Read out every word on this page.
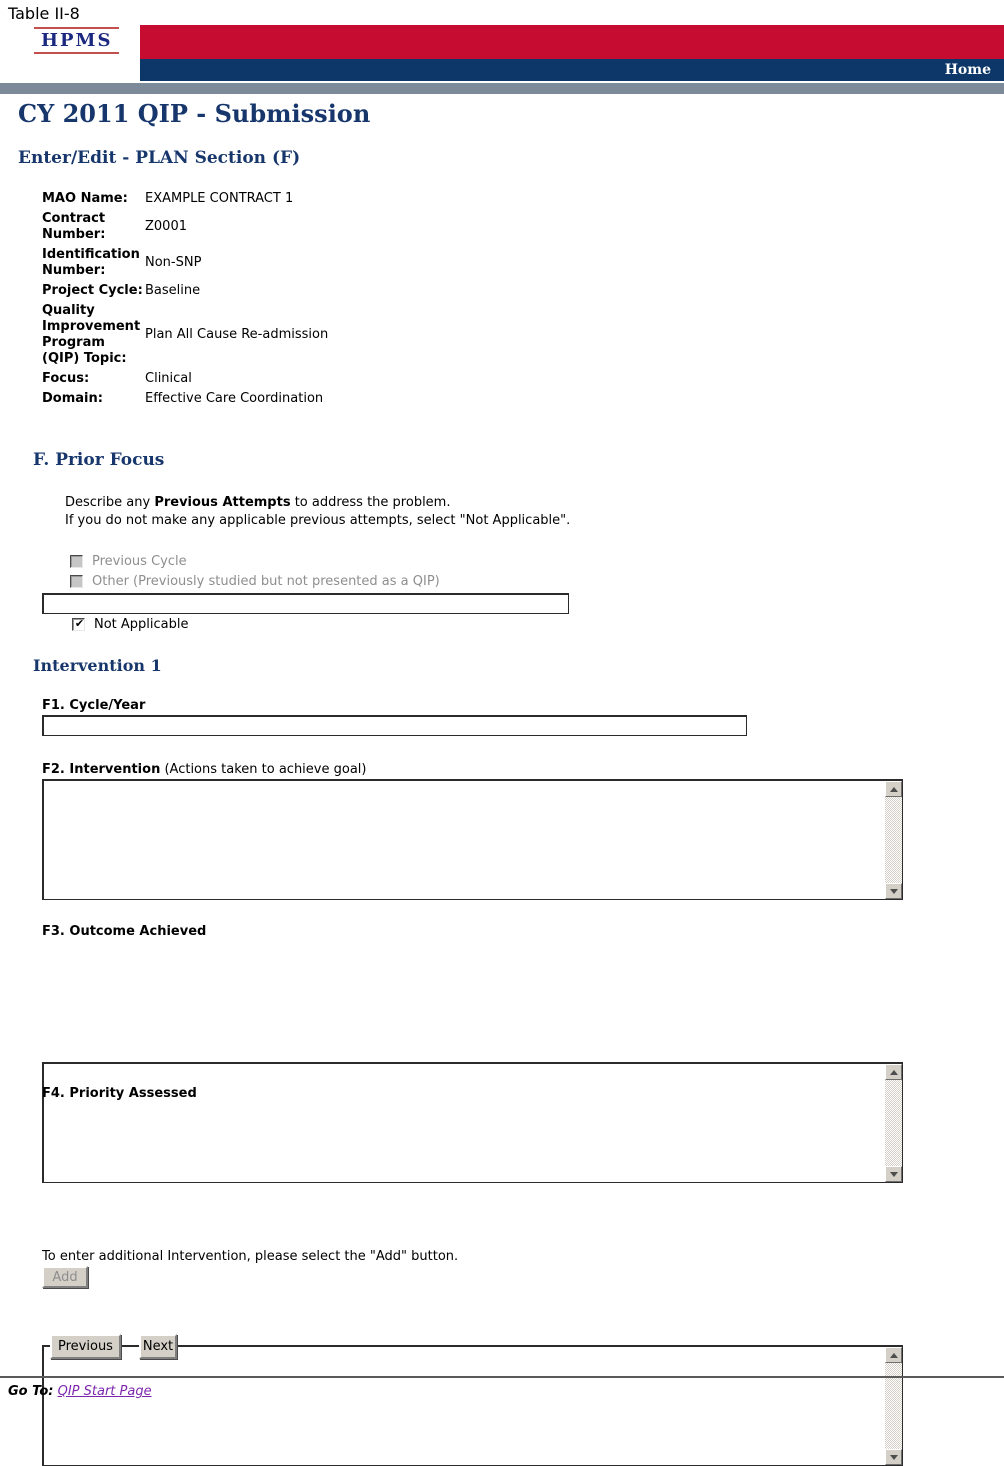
Table II-8
HPMS
Home
CY 2011 QIP - Submission
Enter/Edit - PLAN Section (F)
MAO Name:	EXAMPLE CONTRACT 1
Contract Number:
Z0001
Identification Number:
Non-SNP
Project Cycle: Baseline
Quality Improvement Program (QIP) Topic:
Plan All Cause Re-admission
Focus:	Clinical
Domain:	Effective Care Coordination
F. Prior Focus
Describe any Previous Attempts to address the problem.
If you do not make any applicable previous attempts, select "Not Applicable".
Previous Cycle
Other (Previously studied but not presented as a QIP)
✔
Not Applicable
Intervention 1
F1. Cycle/Year
F2. Intervention (Actions taken to achieve goal)
F3. Outcome Achieved
F4. Priority Assessed
To enter additional Intervention, please select the "Add" button.
Add
Previous	Next
Go To: QIP Start Page
